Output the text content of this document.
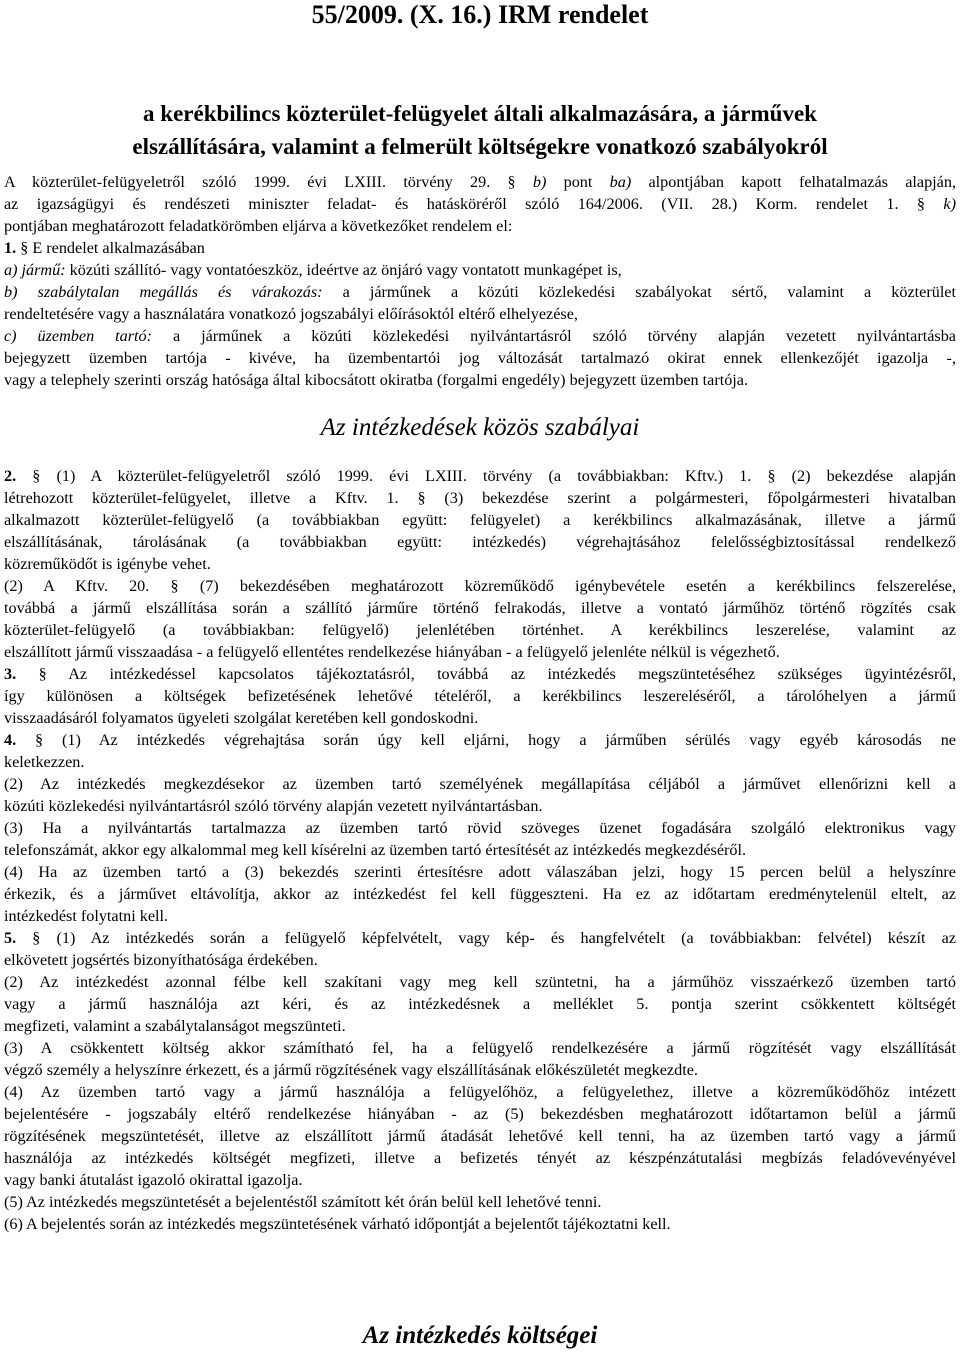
55/2009. (X. 16.) IRM rendelet
a kerékbilincs közterület-felügyelet általi alkalmazására, a járművek
elszállítására, valamint a felmerült költségekre vonatkozó szabályokról
A közterület-felügyeletről szóló 1999. évi LXIII. törvény 29. § b) pont ba) alpontjában kapott felhatalmazás alapján,
az igazságügyi és rendészeti miniszter feladat- és hatásköréről szóló 164/2006. (VII. 28.) Korm. rendelet 1. § k)
pontjában meghatározott feladatkörömben eljárva a következőket rendelem el:
1. § E rendelet alkalmazásában
a) jármű: közúti szállító- vagy vontatóeszköz, ideértve az önjáró vagy vontatott munkagépet is,
b) szabálytalan megállás és várakozás: a járműnek a közúti közlekedési szabályokat sértő, valamint a közterület
rendeltetésére vagy a használatára vonatkozó jogszabályi előírásoktól eltérő elhelyezése,
c) üzemben tartó: a járműnek a közúti közlekedési nyilvántartásról szóló törvény alapján vezetett nyilvántartásba
bejegyzett üzemben tartója - kivéve, ha üzembentartói jog változását tartalmazó okirat ennek ellenkezőjét igazolja -,
vagy a telephely szerinti ország hatósága által kibocsátott okiratba (forgalmi engedély) bejegyzett üzemben tartója.
Az intézkedések közös szabályai
2. § (1) A közterület-felügyeletről szóló 1999. évi LXIII. törvény (a továbbiakban: Kftv.) 1. § (2) bekezdése alapján
létrehozott közterület-felügyelet, illetve a Kftv. 1. § (3) bekezdése szerint a polgármesteri, főpolgármesteri hivatalban
alkalmazott közterület-felügyelő (a továbbiakban együtt: felügyelet) a kerékbilincs alkalmazásának, illetve a jármű
elszállításának, tárolásának (a továbbiakban együtt: intézkedés) végrehajtásához felelősségbiztosítással rendelkező
közreműködőt is igénybe vehet.
(2) A Kftv. 20. § (7) bekezdésében meghatározott közreműködő igénybevétele esetén a kerékbilincs felszerelése,
továbbá a jármű elszállítása során a szállító járműre történő felrakodás, illetve a vontató járműhöz történő rögzítés csak
közterület-felügyelő (a továbbiakban: felügyelő) jelenlétében történhet. A kerékbilincs leszerelése, valamint az
elszállított jármű visszaadása - a felügyelő ellentétes rendelkezése hiányában - a felügyelő jelenléte nélkül is végezhető.
3. § Az intézkedéssel kapcsolatos tájékoztatásról, továbbá az intézkedés megszüntetéséhez szükséges ügyintézésről,
így különösen a költségek befizetésének lehetővé tételéről, a kerékbilincs leszereléséről, a tárolóhelyen a jármű
visszaadásáról folyamatos ügyeleti szolgálat keretében kell gondoskodni.
4. § (1) Az intézkedés végrehajtása során úgy kell eljárni, hogy a járműben sérülés vagy egyéb károsodás ne
keletkezzen.
(2) Az intézkedés megkezdésekor az üzemben tartó személyének megállapítása céljából a járművet ellenőrizni kell a
közúti közlekedési nyilvántartásról szóló törvény alapján vezetett nyilvántartásban.
(3) Ha a nyilvántartás tartalmazza az üzemben tartó rövid szöveges üzenet fogadására szolgáló elektronikus vagy
telefonszámát, akkor egy alkalommal meg kell kísérelni az üzemben tartó értesítését az intézkedés megkezdéséről.
(4) Ha az üzemben tartó a (3) bekezdés szerinti értesítésre adott válaszában jelzi, hogy 15 percen belül a helyszínre
érkezik, és a járművet eltávolítja, akkor az intézkedést fel kell függeszteni. Ha ez az időtartam eredménytelenül eltelt, az
intézkedést folytatni kell.
5. § (1) Az intézkedés során a felügyelő képfelvételt, vagy kép- és hangfelvételt (a továbbiakban: felvétel) készít az
elkövetett jogsértés bizonyíthatósága érdekében.
(2) Az intézkedést azonnal félbe kell szakítani vagy meg kell szüntetni, ha a járműhöz visszaérkező üzemben tartó
vagy a jármű használója azt kéri, és az intézkedésnek a melléklet 5. pontja szerint csökkentett költségét
megfizeti, valamint a szabálytalanságot megszünteti.
(3) A csökkentett költség akkor számítható fel, ha a felügyelő rendelkezésére a jármű rögzítését vagy elszállítását
végző személy a helyszínre érkezett, és a jármű rögzítésének vagy elszállításának előkészületét megkezdte.
(4) Az üzemben tartó vagy a jármű használója a felügyelőhöz, a felügyelethez, illetve a közreműködőhöz intézett
bejelentésére - jogszabály eltérő rendelkezése hiányában - az (5) bekezdésben meghatározott időtartamon belül a jármű
rögzítésének megszüntetését, illetve az elszállított jármű átadását lehetővé kell tenni, ha az üzemben tartó vagy a jármű
használója az intézkedés költségét megfizeti, illetve a befizetés tényét az készpénzátutalási megbízás feladóvevényével
vagy banki átutalást igazoló okirattal igazolja.
(5) Az intézkedés megszüntetését a bejelentéstől számított két órán belül kell lehetővé tenni.
(6) A bejelentés során az intézkedés megszüntetésének várható időpontját a bejelentőt tájékoztatni kell.
Az intézkedés költségei
